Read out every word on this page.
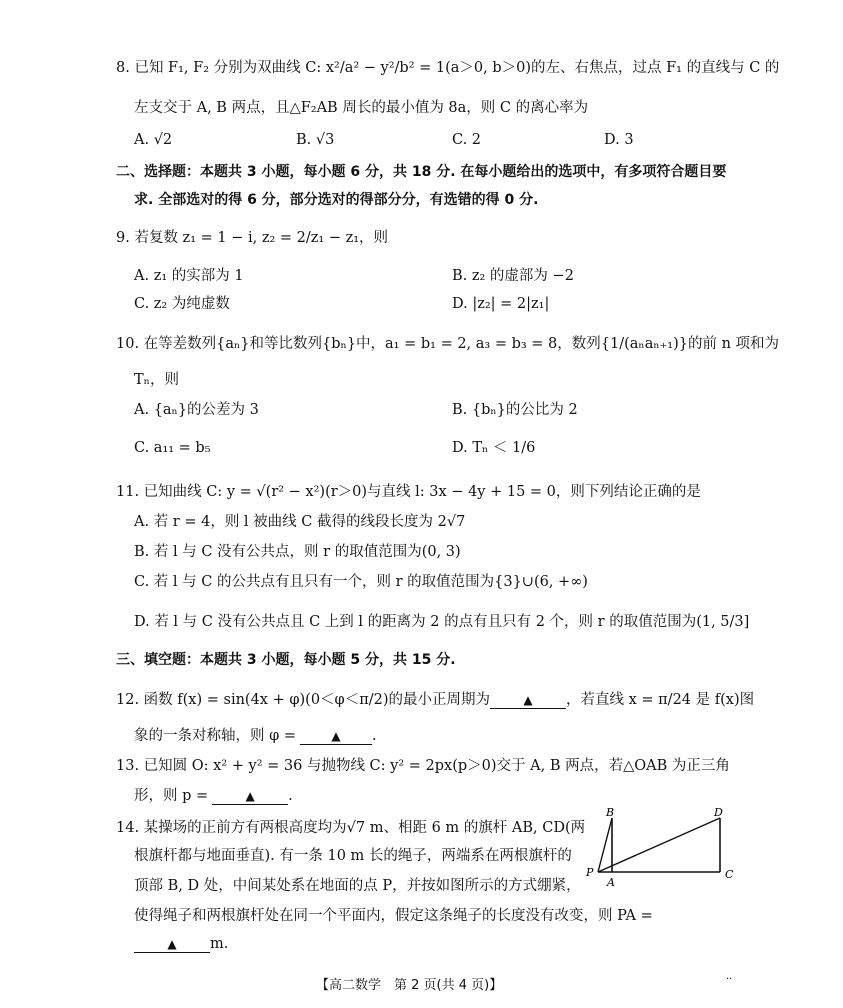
8. 已知 F₁, F₂ 分别为双曲线 C: x²/a² − y²/b² = 1(a＞0, b＞0)的左、右焦点，过点 F₁ 的直线与 C 的
左支交于 A, B 两点，且△F₂AB 周长的最小值为 8a，则 C 的离心率为
A. √2	B. √3	C. 2	D. 3
二、选择题：本题共 3 小题，每小题 6 分，共 18 分. 在每小题给出的选项中，有多项符合题目要
求. 全部选对的得 6 分，部分选对的得部分分，有选错的得 0 分.
9. 若复数 z₁ = 1 − i, z₂ = 2/z₁ − z₁，则
A. z₁ 的实部为 1	B. z₂ 的虚部为 −2
C. z₂ 为纯虚数	D. |z₂| = 2|z₁|
10. 在等差数列{aₙ}和等比数列{bₙ}中，a₁ = b₁ = 2, a₃ = b₃ = 8，数列{1/(aₙaₙ₊₁)}的前 n 项和为
Tₙ，则
A. {aₙ}的公差为 3	B. {bₙ}的公比为 2
C. a₁₁ = b₅	D. Tₙ ＜ 1/6
11. 已知曲线 C: y = √(r² − x²)(r＞0)与直线 l: 3x − 4y + 15 = 0，则下列结论正确的是
A. 若 r = 4，则 l 被曲线 C 截得的线段长度为 2√7
B. 若 l 与 C 没有公共点，则 r 的取值范围为(0, 3)
C. 若 l 与 C 的公共点有且只有一个，则 r 的取值范围为{3}∪(6, +∞)
D. 若 l 与 C 没有公共点且 C 上到 l 的距离为 2 的点有且只有 2 个，则 r 的取值范围为(1, 5/3]
三、填空题：本题共 3 小题，每小题 5 分，共 15 分.
12. 函数 f(x) = sin(4x + φ)(0＜φ＜π/2)的最小正周期为	▲ ，若直线 x = π/24 是 f(x)图
象的一条对称轴，则 φ =	▲ .
13. 已知圆 O: x² + y² = 36 与抛物线 C: y² = 2px(p＞0)交于 A, B 两点，若△OAB 为正三角
形，则 p =	▲ .
14. 某操场的正前方有两根高度均为√7 m、相距 6 m 的旗杆 AB, CD(两
根旗杆都与地面垂直). 有一条 10 m 长的绳子，两端系在两根旗杆的
顶部 B, D 处，中间某处系在地面的点 P，并按如图所示的方式绷紧，
使得绳子和两根旗杆处在同一个平面内，假定这条绳子的长度没有改变，则 PA =
▲ m.
B	D
P
A
C
【高二数学　第 2 页(共 4 页)】	··
